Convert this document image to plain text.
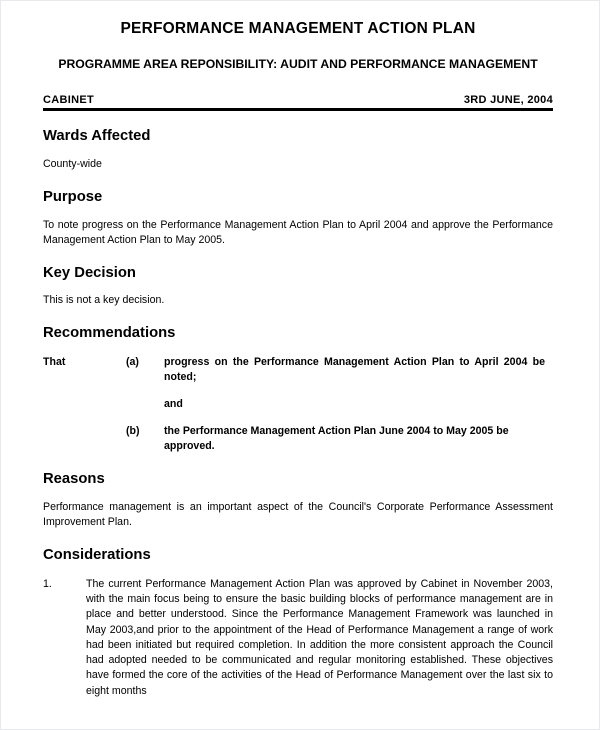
PERFORMANCE MANAGEMENT ACTION PLAN
PROGRAMME AREA REPONSIBILITY: AUDIT AND PERFORMANCE MANAGEMENT
CABINET	3RD JUNE, 2004
Wards Affected

County-wide

Purpose

To note progress on the Performance Management Action Plan to April 2004 and approve the Performance Management Action Plan to May 2005.

Key Decision

This is not a key decision.

Recommendations
That	(a)	progress on the Performance Management Action Plan to April 2004 be noted;
and
(b)	the Performance Management Action Plan June 2004 to May 2005 be approved.
Reasons

Performance management is an important aspect of the Council's Corporate Performance Assessment Improvement Plan.

Considerations
1.	The current Performance Management Action Plan was approved by Cabinet in November 2003, with the main focus being to ensure the basic building blocks of performance management are in place and better understood. Since the Performance Management Framework was launched in May 2003,and prior to the appointment of the Head of Performance Management a range of work had been initiated but required completion. In addition the more consistent approach the Council had adopted needed to be communicated and regular monitoring established. These objectives have formed the core of the activities of the Head of Performance Management over the last six to eight months
